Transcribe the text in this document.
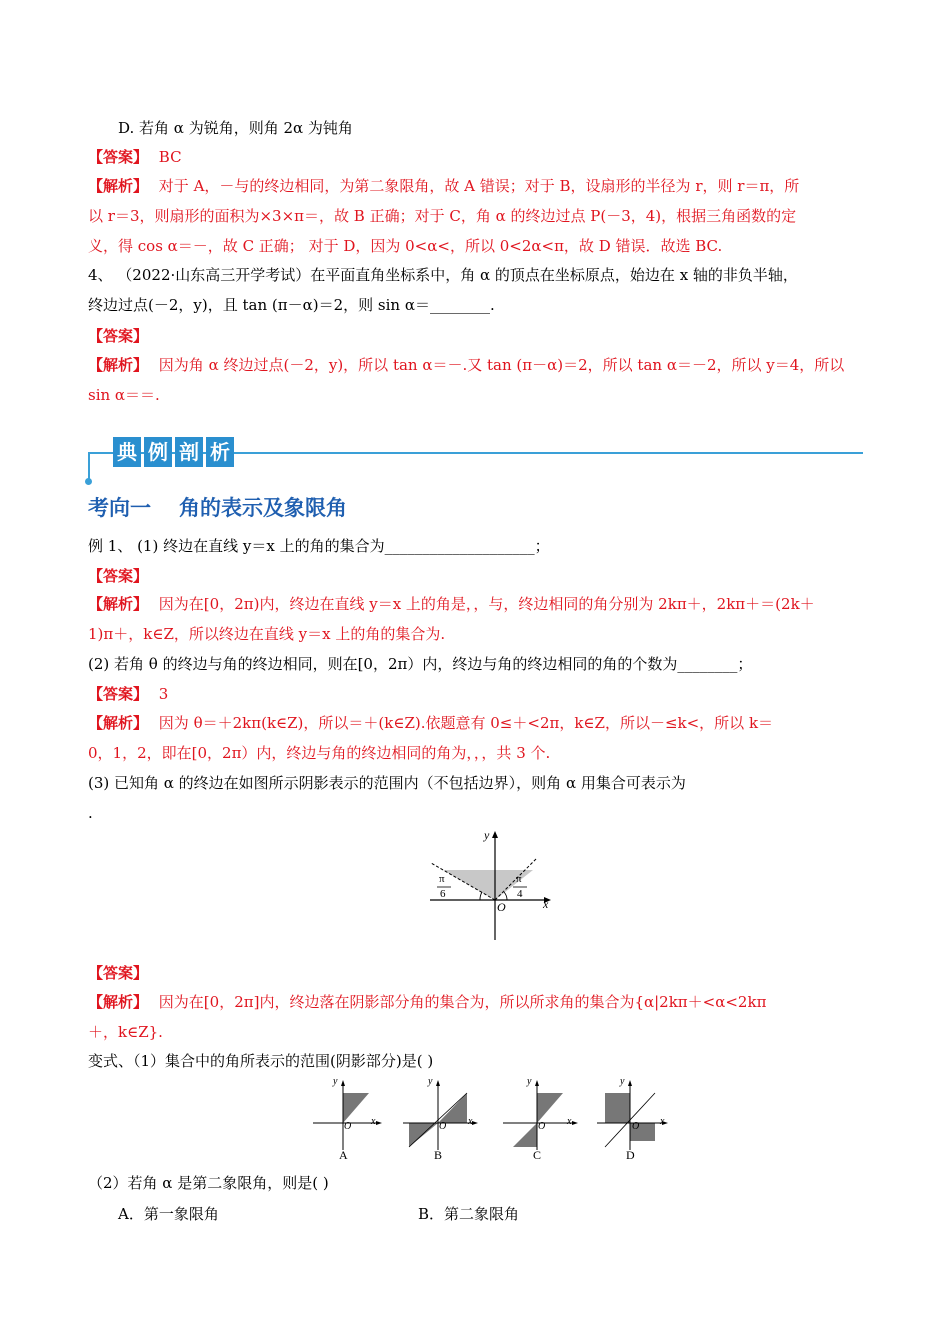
D. 若角 α 为锐角，则角 2α 为钝角
【答案】 BC
【解析】 对于 A，－与的终边相同，为第二象限角，故 A 错误；对于 B，设扇形的半径为 r，则 r＝π，所
以 r＝3，则扇形的面积为×3×π＝，故 B 正确；对于 C，角 α 的终边过点 P(－3，4)，根据三角函数的定
义，得 cos α＝－，故 C 正确； 对于 D，因为 0<α<，所以 0<2α<π，故 D 错误．故选 BC.
4、 （2022·山东高三开学考试）在平面直角坐标系中，角 α 的顶点在坐标原点，始边在 x 轴的非负半轴，
终边过点(－2，y)，且 tan (π－α)＝2，则 sin α＝________.
【答案】
【解析】 因为角 α 终边过点(－2，y)，所以 tan α＝－.又 tan (π－α)＝2，所以 tan α＝－2，所以 y＝4，所以
sin α＝＝.
典 例 剖 析
考向一 角的表示及象限角
例 1、 (1) 终边在直线 y＝x 上的角的集合为____________________；
【答案】
【解析】 因为在[0，2π)内，终边在直线 y＝x 上的角是，，与，终边相同的角分别为 2kπ＋，2kπ＋＝(2k＋
1)π＋，k∈Z，所以终边在直线 y＝x 上的角的集合为.
(2) 若角 θ 的终边与角的终边相同，则在[0，2π）内，终边与角的终边相同的角的个数为________；
【答案】 3
【解析】 因为 θ＝＋2kπ(k∈Z)，所以＝＋(k∈Z).依题意有 0≤＋<2π，k∈Z，所以－≤k<，所以 k＝
0，1，2，即在[0，2π）内，终边与角的终边相同的角为，，，共 3 个.
(3) 已知角 α 的终边在如图所示阴影表示的范围内（不包括边界），则角 α 用集合可表示为
.
y
x
O
π
6
π
4
【答案】
【解析】 因为在[0，2π]内，终边落在阴影部分角的集合为，所以所求角的集合为{α|2kπ＋<α<2kπ
＋，k∈Z}.
变式、（1）集合中的角所表示的范围(阴影部分)是( )
y
O x
y
O x
y
O x
y
O x
A	B	C	D
（2）若角 α 是第二象限角，则是( )
A．第一象限角	B．第二象限角
